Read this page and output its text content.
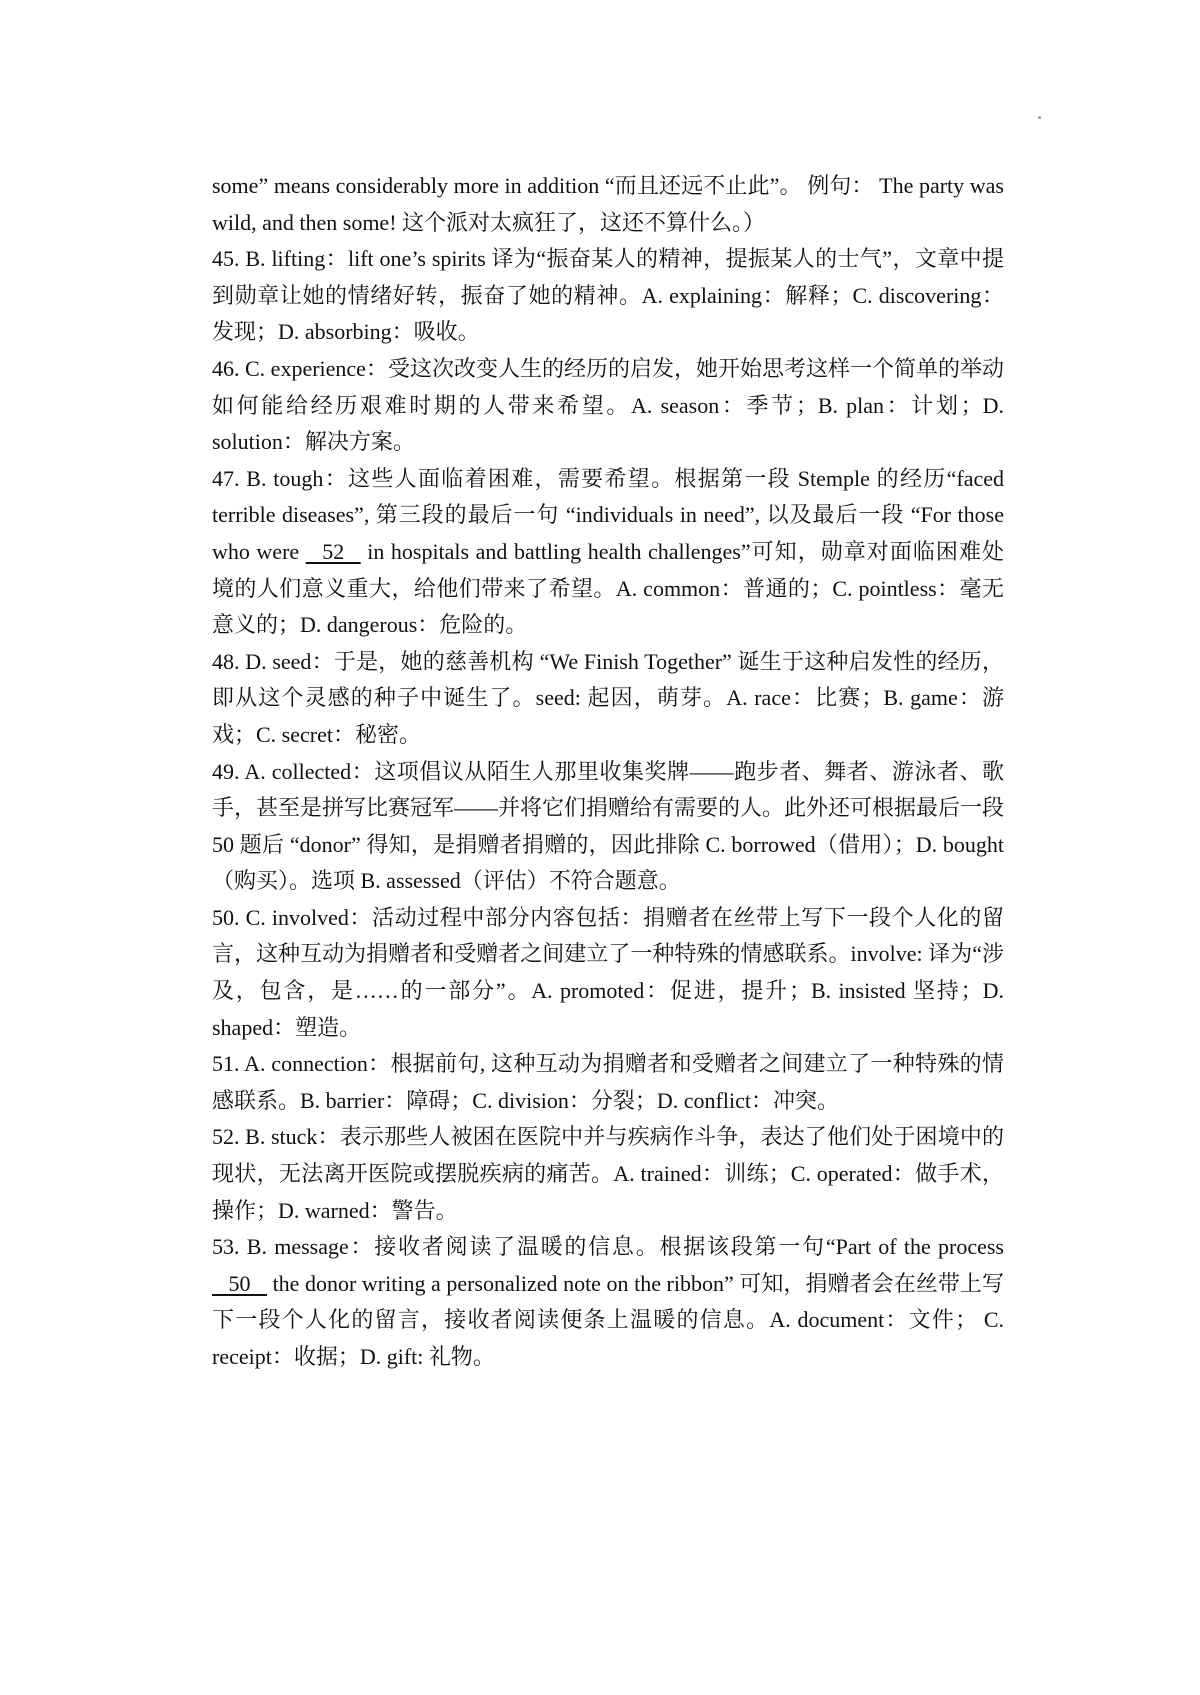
some” means considerably more in addition “而且还远不止此”。 例句： The party was wild, and then some! 这个派对太疯狂了，这还不算什么。）

45. B. lifting：lift one’s spirits 译为“振奋某人的精神，提振某人的士气”，文章中提到勋章让她的情绪好转，振奋了她的精神。A. explaining：解释；C. discovering：发现；D. absorbing：吸收。

46. C. experience：受这次改变人生的经历的启发，她开始思考这样一个简单的举动如何能给经历艰难时期的人带来希望。A. season：季节；B. plan：计划；D. solution：解决方案。

47. B. tough：这些人面临着困难，需要希望。根据第一段 Stemple 的经历“faced terrible diseases”, 第三段的最后一句 “individuals in need”, 以及最后一段 “For those who were    52    in hospitals and battling health challenges”可知，勋章对面临困难处境的人们意义重大，给他们带来了希望。A. common：普通的；C. pointless：毫无意义的；D. dangerous：危险的。

48. D. seed：于是，她的慈善机构 “We Finish Together” 诞生于这种启发性的经历，即从这个灵感的种子中诞生了。seed: 起因，萌芽。A. race：比赛；B. game：游戏；C. secret：秘密。

49. A. collected：这项倡议从陌生人那里收集奖牌——跑步者、舞者、游泳者、歌手，甚至是拼写比赛冠军——并将它们捐赠给有需要的人。此外还可根据最后一段 50 题后 “donor” 得知，是捐赠者捐赠的，因此排除 C. borrowed（借用）；D. bought（购买）。选项 B. assessed（评估）不符合题意。

50. C. involved：活动过程中部分内容包括：捐赠者在丝带上写下一段个人化的留言，这种互动为捐赠者和受赠者之间建立了一种特殊的情感联系。involve: 译为“涉及，包含，是……的一部分”。A. promoted：促进，提升；B. insisted 坚持；D. shaped：塑造。

51. A. connection：根据前句, 这种互动为捐赠者和受赠者之间建立了一种特殊的情感联系。B. barrier：障碍；C. division：分裂；D. conflict：冲突。

52. B. stuck：表示那些人被困在医院中并与疾病作斗争，表达了他们处于困境中的现状，无法离开医院或摆脱疾病的痛苦。A. trained：训练；C. operated：做手术，操作；D. warned：警告。

53. B. message：接收者阅读了温暖的信息。根据该段第一句“Part of the process    50    the donor writing a personalized note on the ribbon” 可知，捐赠者会在丝带上写下一段个人化的留言，接收者阅读便条上温暖的信息。A. document：文件； C. receipt：收据；D. gift: 礼物。
